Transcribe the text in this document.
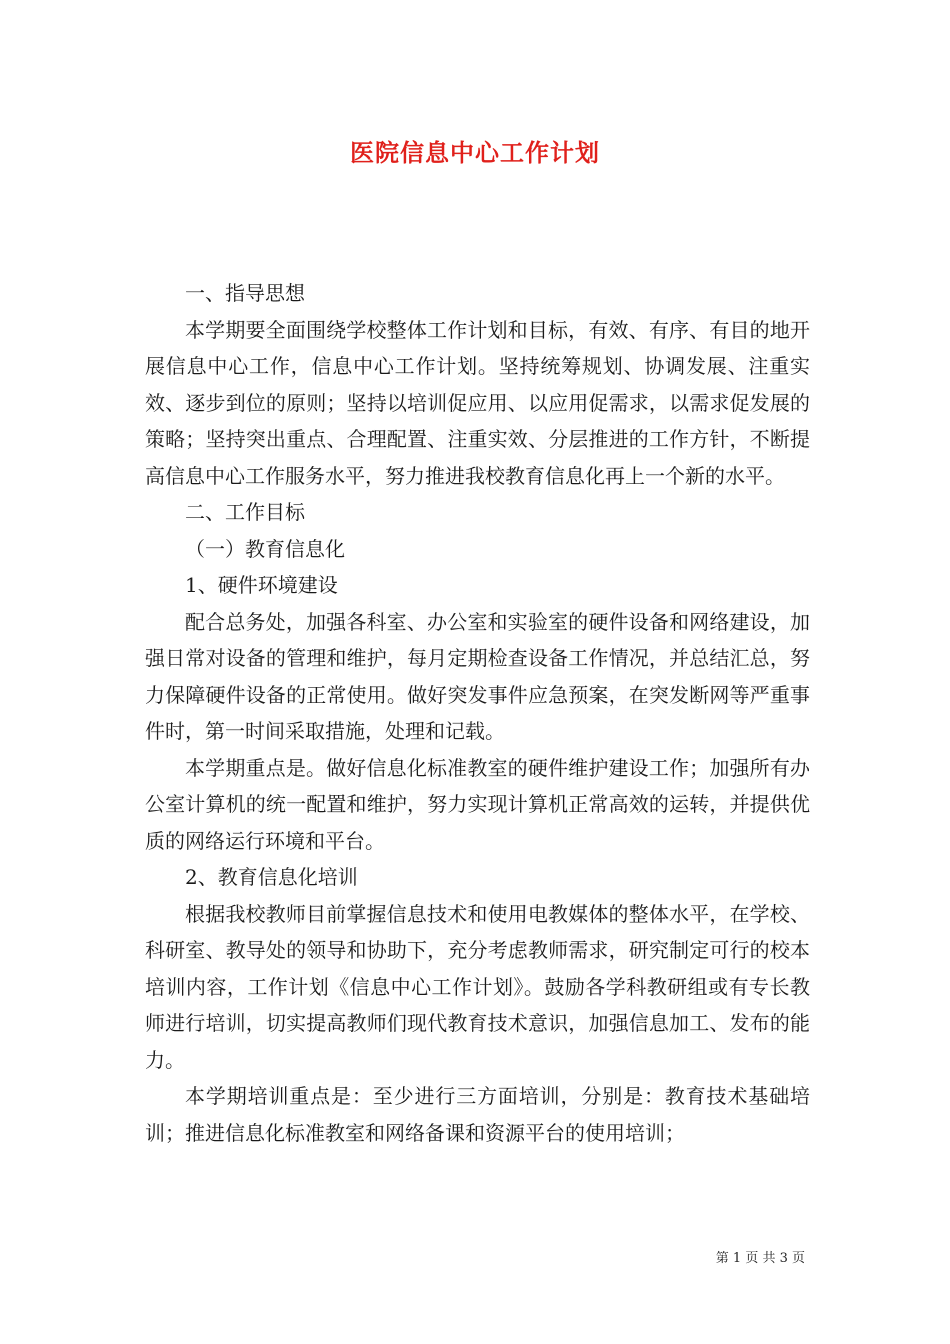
医院信息中心工作计划

一、指导思想

本学期要全面围绕学校整体工作计划和目标，有效、有序、有目的地开展信息中心工作，信息中心工作计划。坚持统筹规划、协调发展、注重实效、逐步到位的原则；坚持以培训促应用、以应用促需求，以需求促发展的策略；坚持突出重点、合理配置、注重实效、分层推进的工作方针，不断提高信息中心工作服务水平，努力推进我校教育信息化再上一个新的水平。

二、工作目标

（一）教育信息化

1、硬件环境建设

配合总务处，加强各科室、办公室和实验室的硬件设备和网络建设，加强日常对设备的管理和维护，每月定期检查设备工作情况，并总结汇总，努力保障硬件设备的正常使用。做好突发事件应急预案，在突发断网等严重事件时，第一时间采取措施，处理和记载。

本学期重点是。做好信息化标准教室的硬件维护建设工作；加强所有办公室计算机的统一配置和维护，努力实现计算机正常高效的运转，并提供优质的网络运行环境和平台。

2、教育信息化培训

根据我校教师目前掌握信息技术和使用电教媒体的整体水平，在学校、科研室、教导处的领导和协助下，充分考虑教师需求，研究制定可行的校本培训内容，工作计划《信息中心工作计划》。鼓励各学科教研组或有专长教师进行培训，切实提高教师们现代教育技术意识，加强信息加工、发布的能力。

本学期培训重点是：至少进行三方面培训，分别是：教育技术基础培训；推进信息化标准教室和网络备课和资源平台的使用培训；

第 1 页 共 3 页
